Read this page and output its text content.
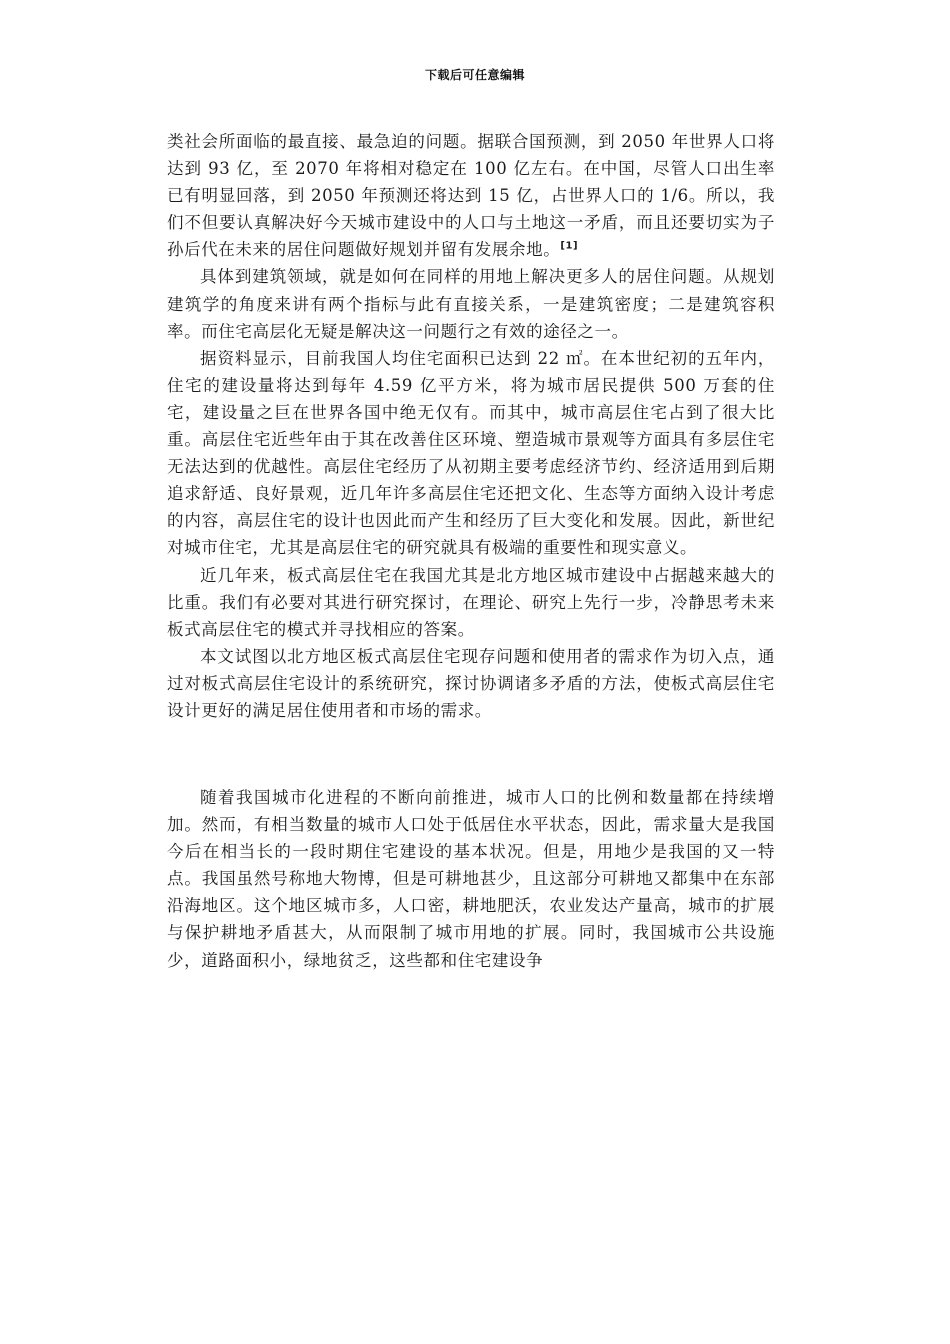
下载后可任意编辑

类社会所面临的最直接、最急迫的问题。据联合国预测，到 2050 年世界人口将达到 93 亿，至 2070 年将相对稳定在 100 亿左右。在中国，尽管人口出生率已有明显回落，到 2050 年预测还将达到 15 亿，占世界人口的 1/6。所以，我们不但要认真解决好今天城市建设中的人口与土地这一矛盾，而且还要切实为子孙后代在未来的居住问题做好规划并留有发展余地。[1]

具体到建筑领域，就是如何在同样的用地上解决更多人的居住问题。从规划建筑学的角度来讲有两个指标与此有直接关系，一是建筑密度；二是建筑容积率。而住宅高层化无疑是解决这一问题行之有效的途径之一。

据资料显示，目前我国人均住宅面积已达到 22 ㎡。在本世纪初的五年内，住宅的建设量将达到每年 4.59 亿平方米，将为城市居民提供 500 万套的住宅，建设量之巨在世界各国中绝无仅有。而其中，城市高层住宅占到了很大比重。高层住宅近些年由于其在改善住区环境、塑造城市景观等方面具有多层住宅无法达到的优越性。高层住宅经历了从初期主要考虑经济节约、经济适用到后期追求舒适、良好景观，近几年许多高层住宅还把文化、生态等方面纳入设计考虑的内容，高层住宅的设计也因此而产生和经历了巨大变化和发展。因此，新世纪对城市住宅，尤其是高层住宅的研究就具有极端的重要性和现实意义。

近几年来，板式高层住宅在我国尤其是北方地区城市建设中占据越来越大的比重。我们有必要对其进行研究探讨，在理论、研究上先行一步，冷静思考未来板式高层住宅的模式并寻找相应的答案。

本文试图以北方地区板式高层住宅现存问题和使用者的需求作为切入点，通过对板式高层住宅设计的系统研究，探讨协调诸多矛盾的方法，使板式高层住宅设计更好的满足居住使用者和市场的需求。

随着我国城市化进程的不断向前推进，城市人口的比例和数量都在持续增加。然而，有相当数量的城市人口处于低居住水平状态，因此，需求量大是我国今后在相当长的一段时期住宅建设的基本状况。但是，用地少是我国的又一特点。我国虽然号称地大物博，但是可耕地甚少，且这部分可耕地又都集中在东部沿海地区。这个地区城市多，人口密，耕地肥沃，农业发达产量高，城市的扩展与保护耕地矛盾甚大，从而限制了城市用地的扩展。同时，我国城市公共设施少，道路面积小，绿地贫乏，这些都和住宅建设争
